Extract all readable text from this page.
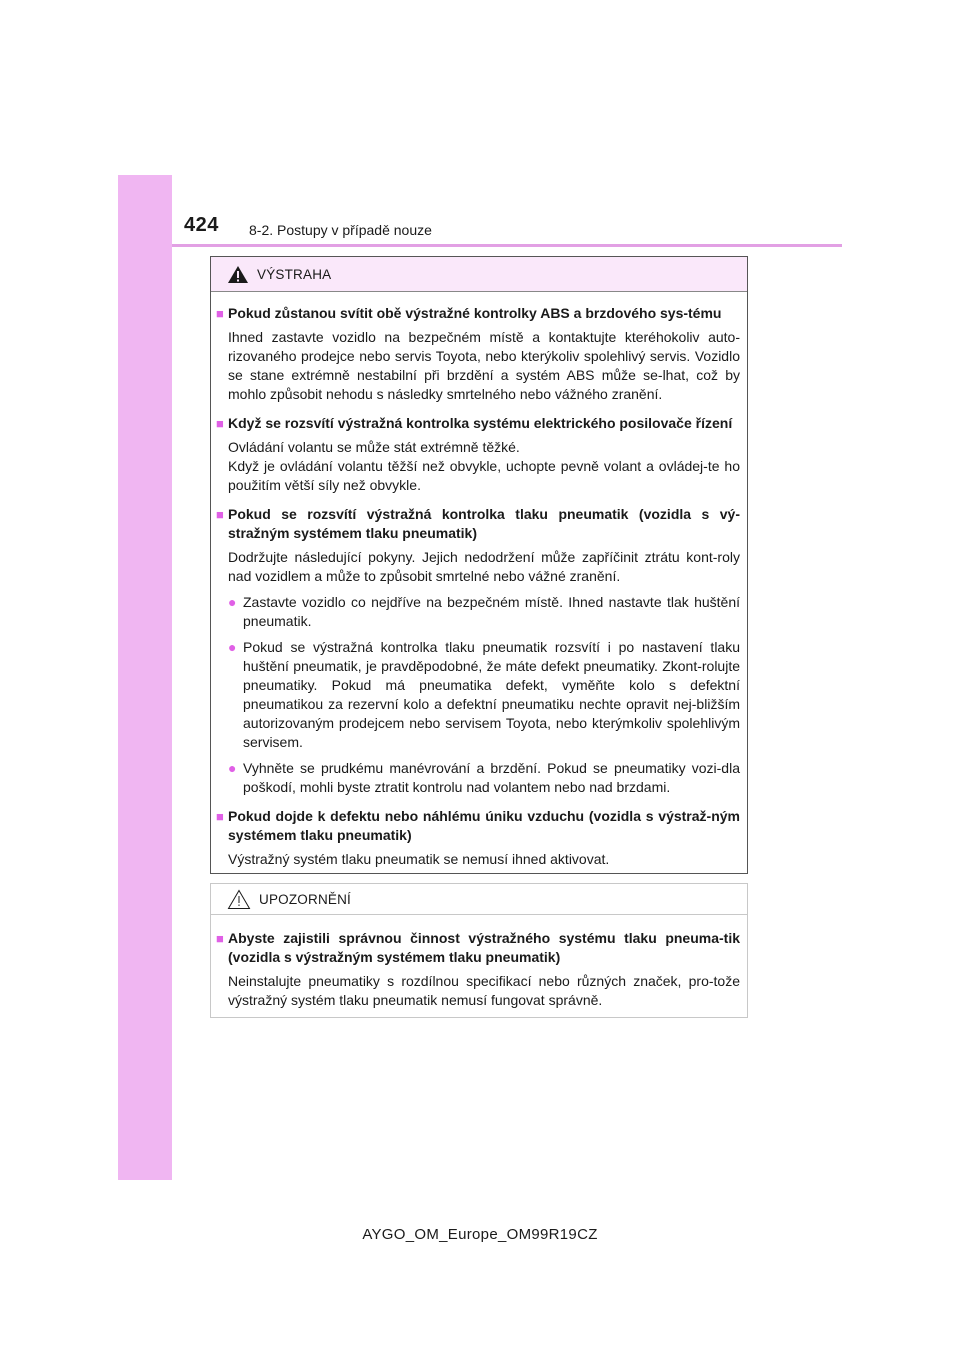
424 8-2. Postupy v případě nouze
VÝSTRAHA
■ Pokud zůstanou svítit obě výstražné kontrolky ABS a brzdového sys-tému
Ihned zastavte vozidlo na bezpečném místě a kontaktujte kteréhokoliv auto-rizovaného prodejce nebo servis Toyota, nebo kterýkoliv spolehlivý servis. Vozidlo se stane extrémně nestabilní při brzdění a systém ABS může se-lhat, což by mohlo způsobit nehodu s následky smrtelného nebo vážného zranění.
■ Když se rozsvítí výstražná kontrolka systému elektrického posilovače řízení
Ovládání volantu se může stát extrémně těžké.
Když je ovládání volantu těžší než obvykle, uchopte pevně volant a ovládej-te ho použitím větší síly než obvykle.
■ Pokud se rozsvítí výstražná kontrolka tlaku pneumatik (vozidla s vý-stražným systémem tlaku pneumatik)
Dodržujte následující pokyny. Jejich nedodržení může zapříčinit ztrátu kont-roly nad vozidlem a může to způsobit smrtelné nebo vážné zranění.
● Zastavte vozidlo co nejdříve na bezpečném místě. Ihned nastavte tlak huštění pneumatik.
● Pokud se výstražná kontrolka tlaku pneumatik rozsvítí i po nastavení tlaku huštění pneumatik, je pravděpodobné, že máte defekt pneumatiky. Zkont-rolujte pneumatiky. Pokud má pneumatika defekt, vyměňte kolo s defektní pneumatikou za rezervní kolo a defektní pneumatiku nechte opravit nej-bližším autorizovaným prodejcem nebo servisem Toyota, nebo kterýmkoliv spolehlivým servisem.
● Vyhněte se prudkému manévrování a brzdění. Pokud se pneumatiky vozi-dla poškodí, mohli byste ztratit kontrolu nad volantem nebo nad brzdami.
■ Pokud dojde k defektu nebo náhlému úniku vzduchu (vozidla s výstraž-ným systémem tlaku pneumatik)
Výstražný systém tlaku pneumatik se nemusí ihned aktivovat.
UPOZORNĚNÍ
■ Abyste zajistili správnou činnost výstražného systému tlaku pneuma-tik (vozidla s výstražným systémem tlaku pneumatik)
Neinstalujte pneumatiky s rozdílnou specifikací nebo různých značek, pro-tože výstražný systém tlaku pneumatik nemusí fungovat správně.
AYGO_OM_Europe_OM99R19CZ
